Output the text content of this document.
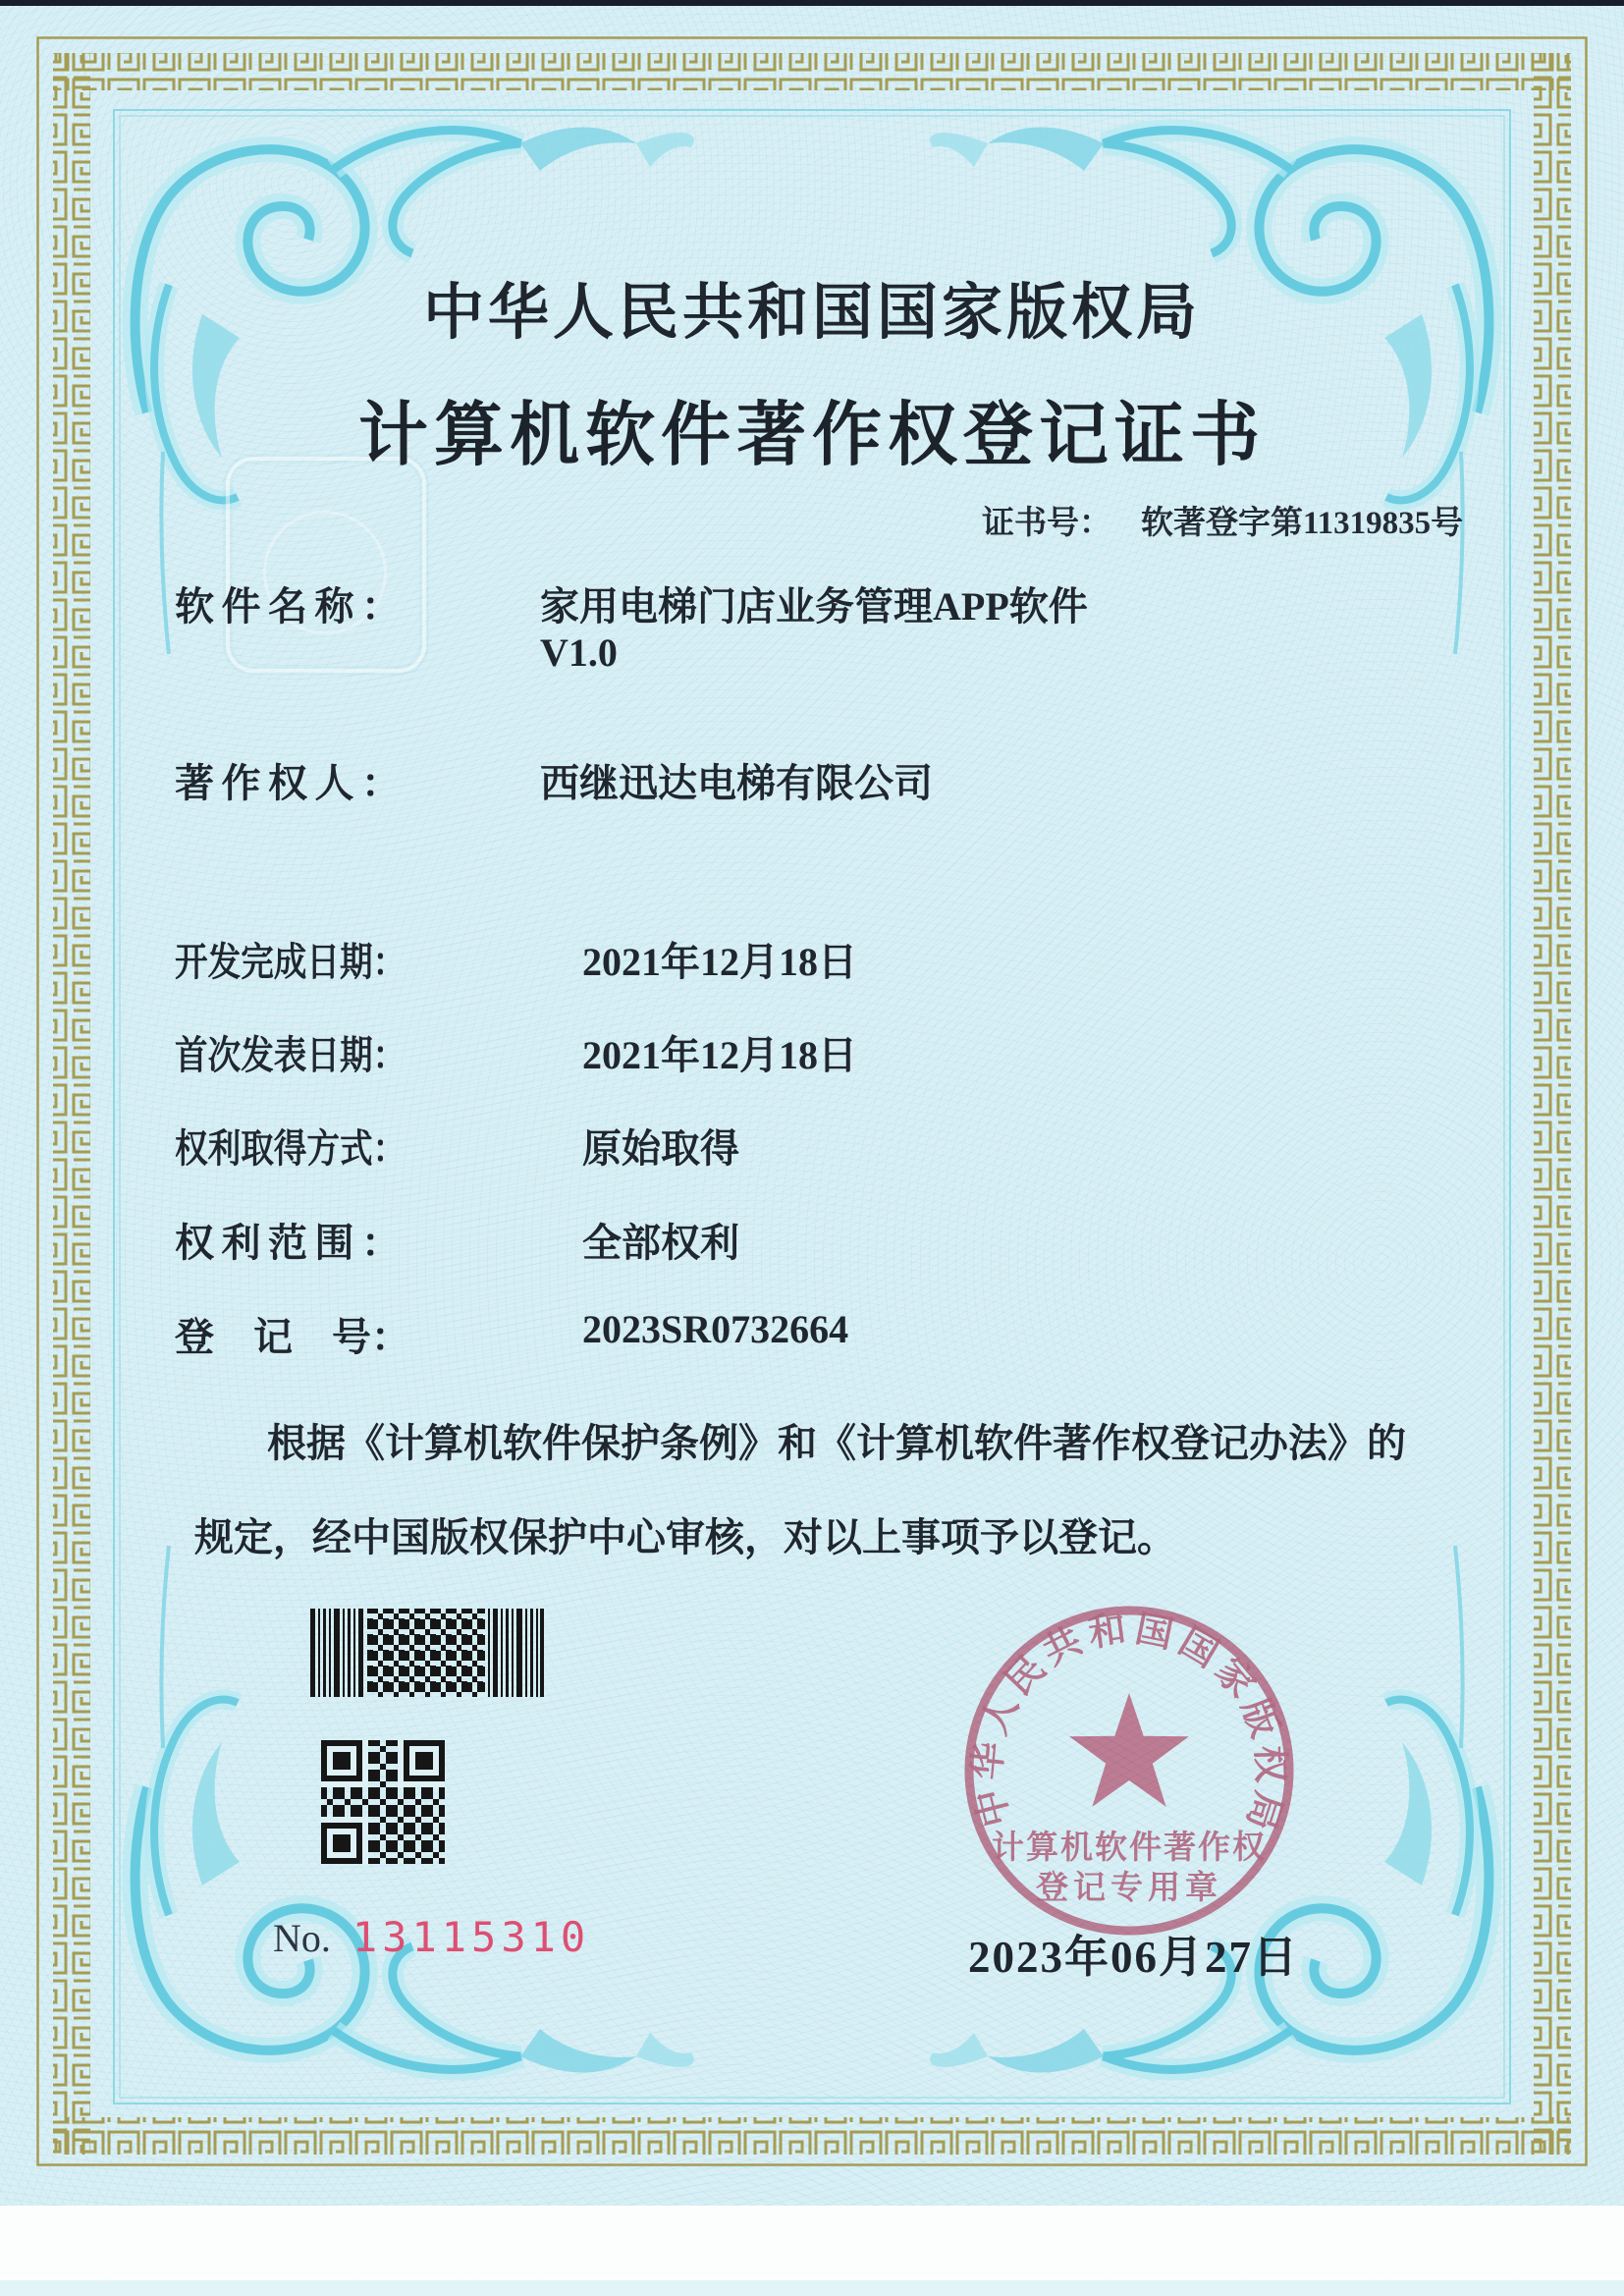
中华人民共和国国家版权局
计算机软件著作权登记证书
证书号： 软著登字第11319835号
软件名称：	家用电梯门店业务管理APP软件
V1.0
著作权人：	西继迅达电梯有限公司
开发完成日期：	2021年12月18日
首次发表日期：	2021年12月18日
权利取得方式：	原始取得
权利范围：	全部权利
登　记　号：	2023SR0732664
根据《计算机软件保护条例》和《计算机软件著作权登记办法》的
规定，经中国版权保护中心审核，对以上事项予以登记。
No. 13115310
中华人民共和国国家版权局
计算机软件著作权
登记专用章
2023年06月27日
